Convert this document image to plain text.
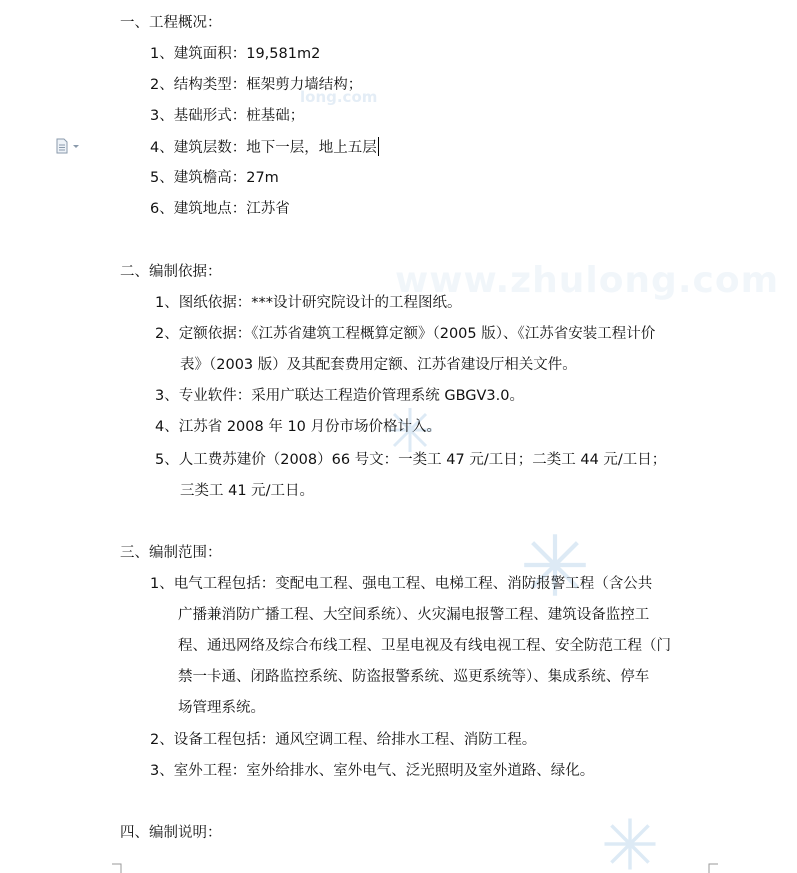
long.com
www.zhulong.com
一、工程概况：
1、建筑面积：19,581m2
2、结构类型：框架剪力墙结构；
3、基础形式：桩基础；
4、建筑层数：地下一层，地上五层
5、建筑檐高：27m
6、建筑地点：江苏省
二、编制依据：
1、图纸依据：***设计研究院设计的工程图纸。
2、定额依据：《江苏省建筑工程概算定额》（2005 版）、《江苏省安装工程计价
表》（2003 版）及其配套费用定额、江苏省建设厅相关文件。
3、专业软件：采用广联达工程造价管理系统 GBGV3.0。
4、江苏省 2008 年 10 月份市场价格计入。
5、人工费苏建价（2008）66 号文：一类工 47 元/工日；二类工 44 元/工日；
三类工 41 元/工日。
三、编制范围：
1、电气工程包括：变配电工程、强电工程、电梯工程、消防报警工程（含公共
广播兼消防广播工程、大空间系统）、火灾漏电报警工程、建筑设备监控工
程、通迅网络及综合布线工程、卫星电视及有线电视工程、安全防范工程（门
禁一卡通、闭路监控系统、防盗报警系统、巡更系统等）、集成系统、停车
场管理系统。
2、设备工程包括：通风空调工程、给排水工程、消防工程。
3、室外工程：室外给排水、室外电气、泛光照明及室外道路、绿化。
四、编制说明：
